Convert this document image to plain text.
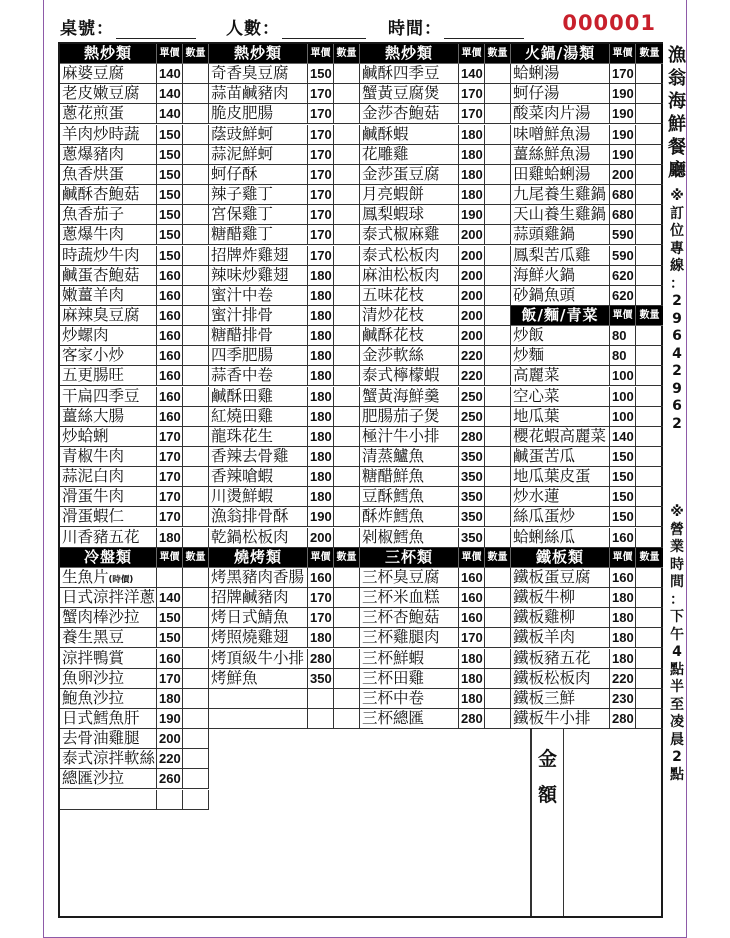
桌號：	人數：	時間：	000001
熱炒類	單價 數量
麻婆豆腐	140
老皮嫩豆腐	140
蔥花煎蛋	140
羊肉炒時蔬	150
蔥爆豬肉	150
魚香烘蛋	150
鹹酥杏鮑菇	150
魚香茄子	150
蔥爆牛肉	150
時蔬炒牛肉	150
鹹蛋杏鮑菇	160
嫩薑羊肉	160
麻辣臭豆腐	160
炒螺肉	160
客家小炒	160
五更腸旺	160
干扁四季豆	160
薑絲大腸	160
炒蛤蜊	170
青椒牛肉	170
蒜泥白肉	170
滑蛋牛肉	170
滑蛋蝦仁	170
川香豬五花	180
熱炒類	單價 數量
奇香臭豆腐	150
蒜苗鹹豬肉	170
脆皮肥腸	170
蔭豉鮮蚵	170
蒜泥鮮蚵	170
蚵仔酥	170
辣子雞丁	170
宮保雞丁	170
糖醋雞丁	170
招牌炸雞翅	170
辣味炒雞翅	180
蜜汁中卷	180
蜜汁排骨	180
糖醋排骨	180
四季肥腸	180
蒜香中卷	180
鹹酥田雞	180
紅燒田雞	180
龍珠花生	180
香辣去骨雞	180
香辣嗆蝦	180
川燙鮮蝦	180
漁翁排骨酥	190
乾鍋松板肉	200
熱炒類	單價 數量
鹹酥四季豆	140
蟹黃豆腐煲	170
金莎杏鮑菇	170
鹹酥蝦	180
花雕雞	180
金莎蛋豆腐	180
月亮蝦餅	180
鳳梨蝦球	190
泰式椒麻雞	200
泰式松板肉	200
麻油松板肉	200
五味花枝	200
清炒花枝	200
鹹酥花枝	200
金莎軟絲	220
泰式檸檬蝦	220
蟹黃海鮮羹	250
肥腸茄子煲	250
極汁牛小排	280
清蒸鱸魚	350
糖醋鮮魚	350
豆酥鱈魚	350
酥炸鱈魚	350
剁椒鱈魚	350
火鍋/湯類	單價 數量
蛤蜊湯	170
蚵仔湯	190
酸菜肉片湯	190
味噌鮮魚湯	190
薑絲鮮魚湯	190
田雞蛤蜊湯	200
九尾養生雞鍋 680
天山養生雞鍋 680
蒜頭雞鍋	590
鳳梨苦瓜雞	590
海鮮火鍋	620
砂鍋魚頭	620
飯/麵/青菜	單價 數量
炒飯	80
炒麵	80
高麗菜	100
空心菜	100
地瓜葉	100
櫻花蝦高麗菜 140
鹹蛋苦瓜	150
地瓜葉皮蛋	150
炒水蓮	150
絲瓜蛋炒	150
蛤蜊絲瓜	160
冷盤類	單價 數量
生魚片(時價)
日式涼拌洋蔥 140
蟹肉棒沙拉	150
養生黑豆	150
涼拌鴨賞	160
魚卵沙拉	170
鮑魚沙拉	180
日式鱈魚肝	190
去骨油雞腿	200
泰式涼拌軟絲 220
總匯沙拉	260
燒烤類	單價 數量
烤黑豬肉香腸 160
招牌鹹豬肉	170
烤日式鯖魚	170
烤照燒雞翅	180
烤頂級牛小排 280
烤鮮魚	350
三杯類	單價 數量
三杯臭豆腐	160
三杯米血糕	160
三杯杏鮑菇	160
三杯雞腿肉	170
三杯鮮蝦	180
三杯田雞	180
三杯中卷	180
三杯總匯	280
鐵板類	單價 數量
鐵板蛋豆腐	160
鐵板牛柳	180
鐵板雞柳	180
鐵板羊肉	180
鐵板豬五花	180
鐵板松板肉	220
鐵板三鮮	230
鐵板牛小排	280
金
額
漁
翁
海
鮮
餐
廳
※
訂
位
專
線
：
2
9
6
4
2
9
6
2
※
營
業
時
間
：
下
午
4
點
半
至
凌
晨
2
點
